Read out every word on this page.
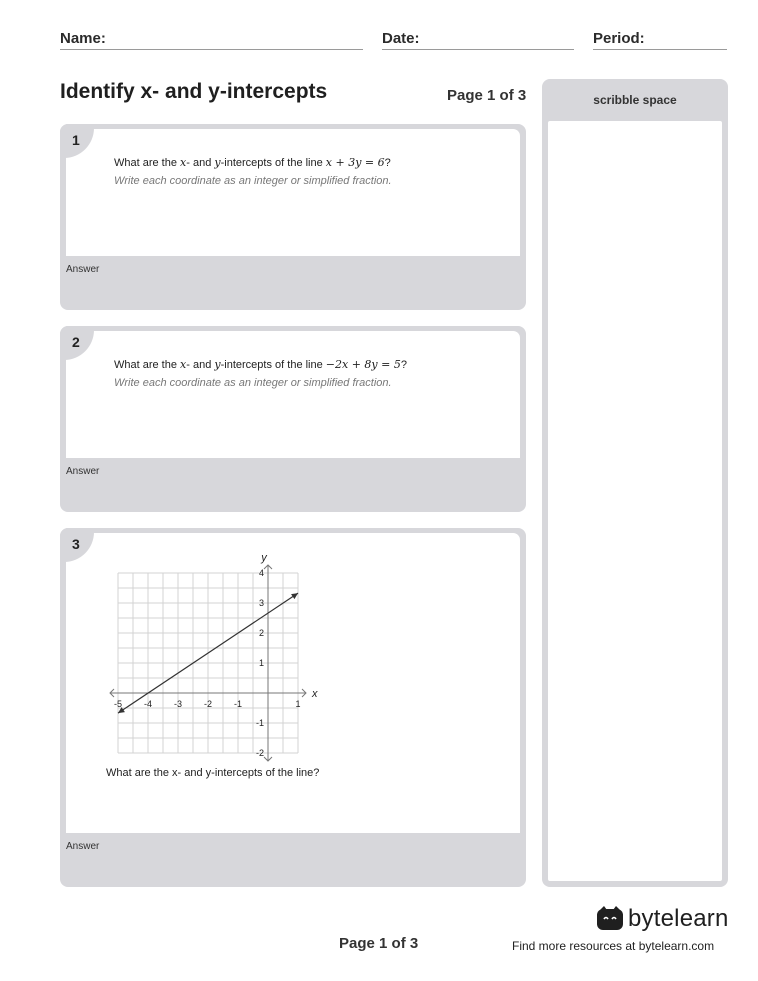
Name:	Date:	Period:
Identify x- and y-intercepts	Page 1 of 3
What are the x- and y-intercepts of the line x + 3y = 6?
Write each coordinate as an integer or simplified fraction.
1
Answer
What are the x- and y-intercepts of the line −2x + 8y = 5?
Write each coordinate as an integer or simplified fraction.
2
Answer
-5 -4 -3 -2 -1	1
4
3
2
1
-1
-2
x
y
What are the x- and y-intercepts of the line?
3
Answer
scribble space
Page 1 of 3
bytelearn
Find more resources at bytelearn.com
